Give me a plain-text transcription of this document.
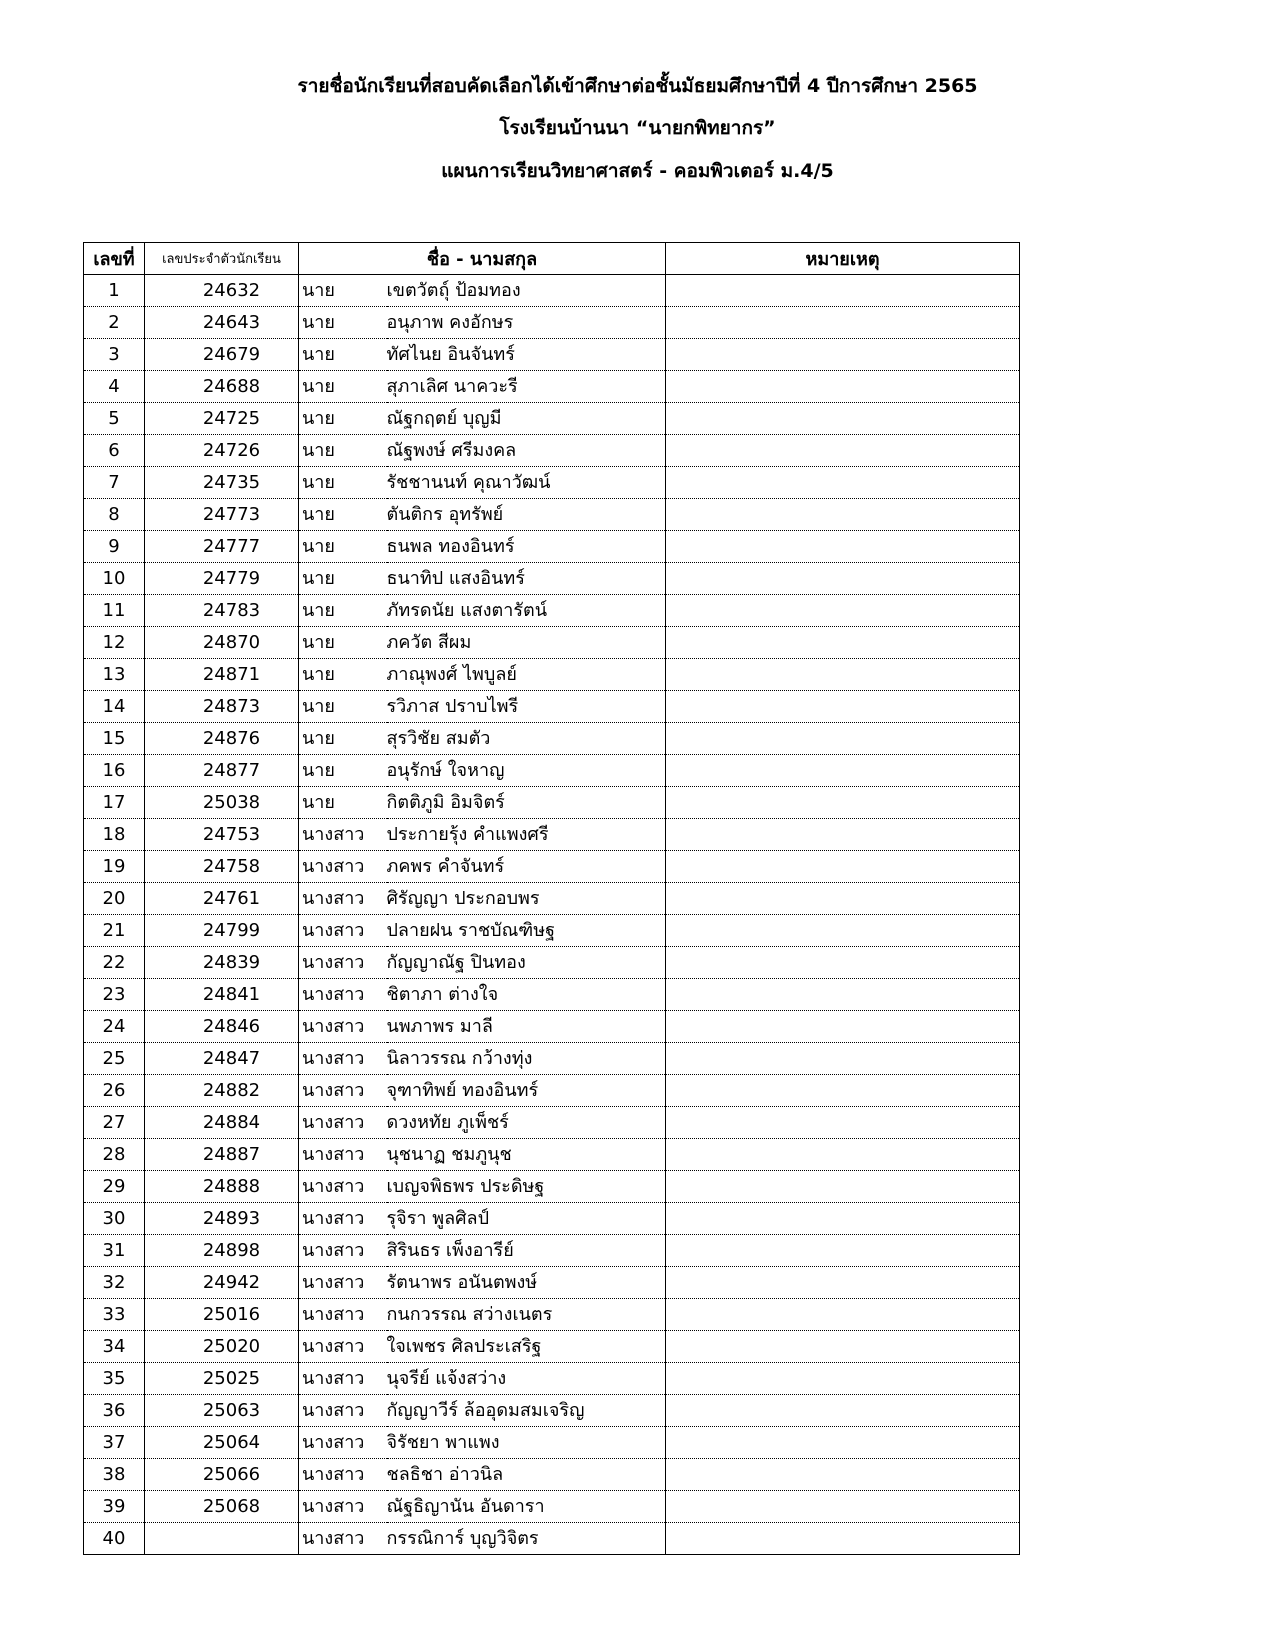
รายชื่อนักเรียนที่สอบคัดเลือกได้เข้าศึกษาต่อชั้นมัธยมศึกษาปีที่ 4 ปีการศึกษา 2565
โรงเรียนบ้านนา “นายกพิทยากร”
แผนการเรียนวิทยาศาสตร์ - คอมพิวเตอร์ ม.4/5
เลขที่	เลขประจำตัวนักเรียน	ชื่อ - นามสกุล		หมายเหตุ
1	24632	นาย	เขตวัตถุ์ ป้อมทอง	
2	24643	นาย	อนุภาพ คงอักษร	
3	24679	นาย	ทัศไนย อินจันทร์	
4	24688	นาย	สุภาเลิศ นาควะรี	
5	24725	นาย	ณัฐกฤตย์ บุญมี	
6	24726	นาย	ณัฐพงษ์ ศรีมงคล	
7	24735	นาย	รัชชานนท์ คุณาวัฒน์	
8	24773	นาย	ตันติกร อุทรัพย์	
9	24777	นาย	ธนพล ทองอินทร์	
10	24779	นาย	ธนาทิป แสงอินทร์	
11	24783	นาย	ภัทรดนัย แสงตารัตน์	
12	24870	นาย	ภควัต สีผม	
13	24871	นาย	ภาณุพงศ์ ไพบูลย์	
14	24873	นาย	รวิภาส ปราบไพรี	
15	24876	นาย	สุรวิชัย สมตัว	
16	24877	นาย	อนุรักษ์ ใจหาญ	
17	25038	นาย	กิตติภูมิ อิมจิตร์	
18	24753	นางสาว	ประกายรุ้ง คำแพงศรี	
19	24758	นางสาว	ภคพร คำจันทร์	
20	24761	นางสาว	ศิรัญญา ประกอบพร	
21	24799	นางสาว	ปลายฝน ราชบัณฑิษฐ	
22	24839	นางสาว	กัญญาณัฐ ปินทอง	
23	24841	นางสาว	ชิตาภา ต่างใจ	
24	24846	นางสาว	นพภาพร มาลี	
25	24847	นางสาว	นิลาวรรณ กว้างทุ่ง	
26	24882	นางสาว	จุฑาทิพย์ ทองอินทร์	
27	24884	นางสาว	ดวงหทัย ภูเพ็ชร์	
28	24887	นางสาว	นุชนาฏ ชมภูนุช	
29	24888	นางสาว	เบญจพิธพร ประดิษฐ	
30	24893	นางสาว	รุจิรา พูลศิลป์	
31	24898	นางสาว	สิรินธร เพ็งอารีย์	
32	24942	นางสาว	รัตนาพร อนันตพงษ์	
33	25016	นางสาว	กนกวรรณ สว่างเนตร	
34	25020	นางสาว	ใจเพชร ศิลประเสริฐ	
35	25025	นางสาว	นุจรีย์ แจ้งสว่าง	
36	25063	นางสาว	กัญญาวีร์ ล้ออุดมสมเจริญ	
37	25064	นางสาว	จิรัชยา พาแพง	
38	25066	นางสาว	ชลธิชา อ่าวนิล	
39	25068	นางสาว	ณัฐธิญานัน อันดารา	
40		นางสาว	กรรณิการ์ บุญวิจิตร	
